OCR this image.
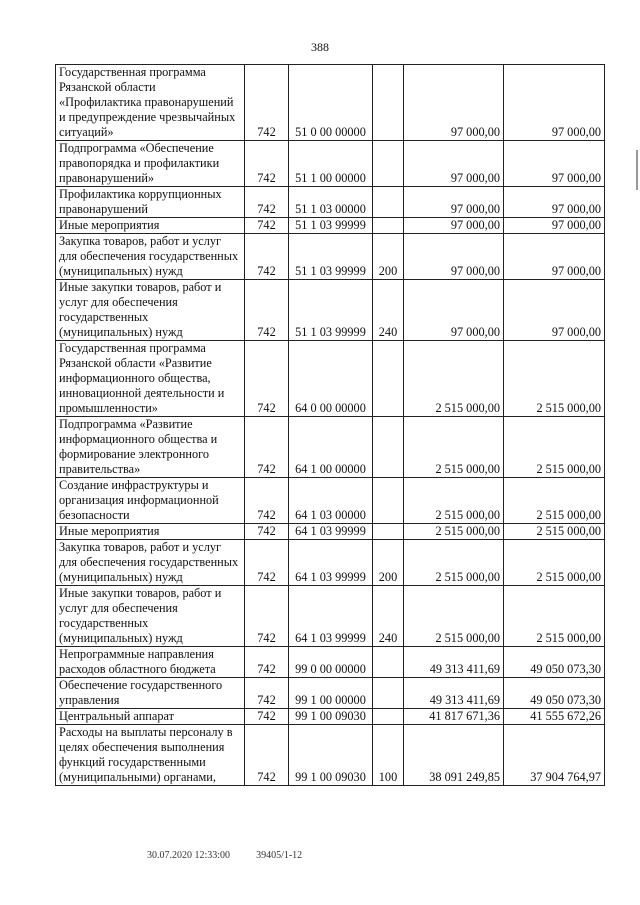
388
Государственная программа Рязанской области «Профилактика правонарушений и предупреждение чрезвычайных ситуаций»	742	51 0 00 00000		97 000,00	97 000,00
Подпрограмма «Обеспечение правопорядка и профилактики правонарушений»	742	51 1 00 00000		97 000,00	97 000,00
Профилактика коррупционных правонарушений	742	51 1 03 00000		97 000,00	97 000,00
Иные мероприятия	742	51 1 03 99999		97 000,00	97 000,00
Закупка товаров, работ и услуг для обеспечения государственных (муниципальных) нужд	742	51 1 03 99999	200	97 000,00	97 000,00
Иные закупки товаров, работ и услуг для обеспечения государственных (муниципальных) нужд	742	51 1 03 99999	240	97 000,00	97 000,00
Государственная программа Рязанской области «Развитие информационного общества, инновационной деятельности и промышленности»	742	64 0 00 00000		2 515 000,00	2 515 000,00
Подпрограмма «Развитие информационного общества и формирование электронного правительства»	742	64 1 00 00000		2 515 000,00	2 515 000,00
Создание инфраструктуры и организация информационной безопасности	742	64 1 03 00000		2 515 000,00	2 515 000,00
Иные мероприятия	742	64 1 03 99999		2 515 000,00	2 515 000,00
Закупка товаров, работ и услуг для обеспечения государственных (муниципальных) нужд	742	64 1 03 99999	200	2 515 000,00	2 515 000,00
Иные закупки товаров, работ и услуг для обеспечения государственных (муниципальных) нужд	742	64 1 03 99999	240	2 515 000,00	2 515 000,00
Непрограммные направления расходов областного бюджета	742	99 0 00 00000		49 313 411,69	49 050 073,30
Обеспечение государственного управления	742	99 1 00 00000		49 313 411,69	49 050 073,30
Центральный аппарат	742	99 1 00 09030		41 817 671,36	41 555 672,26
Расходы на выплаты персоналу в целях обеспечения выполнения функций государственными (муниципальными) органами,	742	99 1 00 09030	100	38 091 249,85	37 904 764,97
30.07.2020 12:33:00	39405/1-12
